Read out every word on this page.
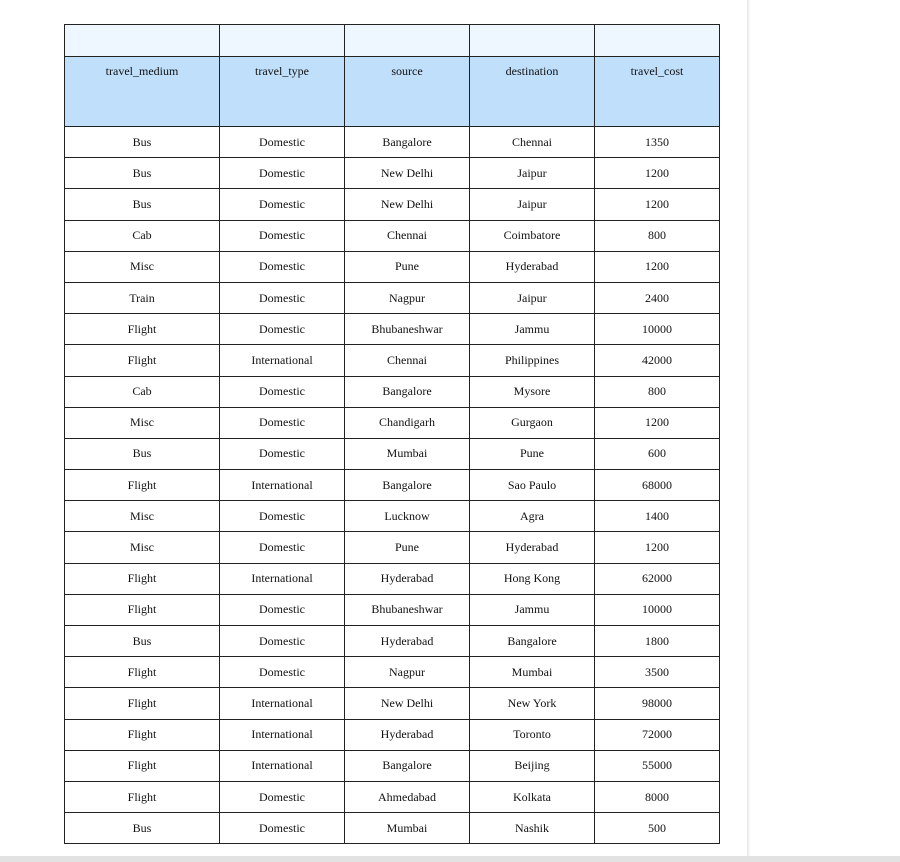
travel_medium	travel_type	source	destination	travel_cost
Bus	Domestic	Bangalore	Chennai	1350
Bus	Domestic	New Delhi	Jaipur	1200
Bus	Domestic	New Delhi	Jaipur	1200
Cab	Domestic	Chennai	Coimbatore	800
Misc	Domestic	Pune	Hyderabad	1200
Train	Domestic	Nagpur	Jaipur	2400
Flight	Domestic	Bhubaneshwar	Jammu	10000
Flight	International	Chennai	Philippines	42000
Cab	Domestic	Bangalore	Mysore	800
Misc	Domestic	Chandigarh	Gurgaon	1200
Bus	Domestic	Mumbai	Pune	600
Flight	International	Bangalore	Sao Paulo	68000
Misc	Domestic	Lucknow	Agra	1400
Misc	Domestic	Pune	Hyderabad	1200
Flight	International	Hyderabad	Hong Kong	62000
Flight	Domestic	Bhubaneshwar	Jammu	10000
Bus	Domestic	Hyderabad	Bangalore	1800
Flight	Domestic	Nagpur	Mumbai	3500
Flight	International	New Delhi	New York	98000
Flight	International	Hyderabad	Toronto	72000
Flight	International	Bangalore	Beijing	55000
Flight	Domestic	Ahmedabad	Kolkata	8000
Bus	Domestic	Mumbai	Nashik	500
